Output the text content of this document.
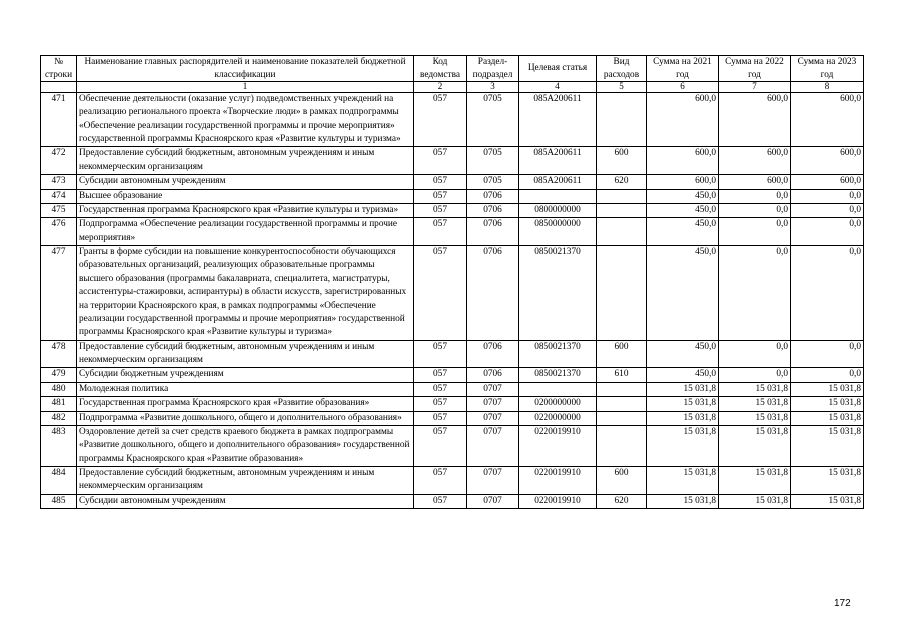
№ строки	Наименование главных распорядителей и наименование показателей бюджетной классификации	Код ведомства	Раздел-подраздел	Целевая статья	Вид расходов	Сумма на 2021 год	Сумма на 2022 год	Сумма на 2023 год
	1	2	3	4	5	6	7	8
471	Обеспечение деятельности (оказание услуг) подведомственных учреждений на реализацию регионального проекта «Творческие люди» в рамках подпрограммы «Обеспечение реализации государственной программы и прочие мероприятия» государственной программы Красноярского края «Развитие культуры и туризма»	057	0705	085A200611		600,0	600,0	600,0
472	Предоставление субсидий бюджетным, автономным учреждениям и иным некоммерческим организациям	057	0705	085A200611	600	600,0	600,0	600,0
473	Субсидии автономным учреждениям	057	0705	085A200611	620	600,0	600,0	600,0
474	Высшее образование	057	0706			450,0	0,0	0,0
475	Государственная программа Красноярского края «Развитие культуры и туризма»	057	0706	0800000000		450,0	0,0	0,0
476	Подпрограмма «Обеспечение реализации государственной программы и прочие мероприятия»	057	0706	0850000000		450,0	0,0	0,0
477	Гранты в форме субсидии на повышение конкурентоспособности обучающихся образовательных организаций, реализующих образовательные программы высшего образования (программы бакалавриата, специалитета, магистратуры, ассистентуры-стажировки, аспирантуры) в области искусств, зарегистрированных на территории Красноярского края, в рамках подпрограммы «Обеспечение реализации государственной программы и прочие мероприятия» государственной программы Красноярского края «Развитие культуры и туризма»	057	0706	0850021370		450,0	0,0	0,0
478	Предоставление субсидий бюджетным, автономным учреждениям и иным некоммерческим организациям	057	0706	0850021370	600	450,0	0,0	0,0
479	Субсидии бюджетным учреждениям	057	0706	0850021370	610	450,0	0,0	0,0
480	Молодежная политика	057	0707			15 031,8	15 031,8	15 031,8
481	Государственная программа Красноярского края «Развитие образования»	057	0707	0200000000		15 031,8	15 031,8	15 031,8
482	Подпрограмма «Развитие дошкольного, общего и дополнительного образования»	057	0707	0220000000		15 031,8	15 031,8	15 031,8
483	Оздоровление детей за счет средств краевого бюджета в рамках подпрограммы «Развитие дошкольного, общего и дополнительного образования» государственной программы Красноярского края «Развитие образования»	057	0707	0220019910		15 031,8	15 031,8	15 031,8
484	Предоставление субсидий бюджетным, автономным учреждениям и иным некоммерческим организациям	057	0707	0220019910	600	15 031,8	15 031,8	15 031,8
485	Субсидии автономным учреждениям	057	0707	0220019910	620	15 031,8	15 031,8	15 031,8
172
